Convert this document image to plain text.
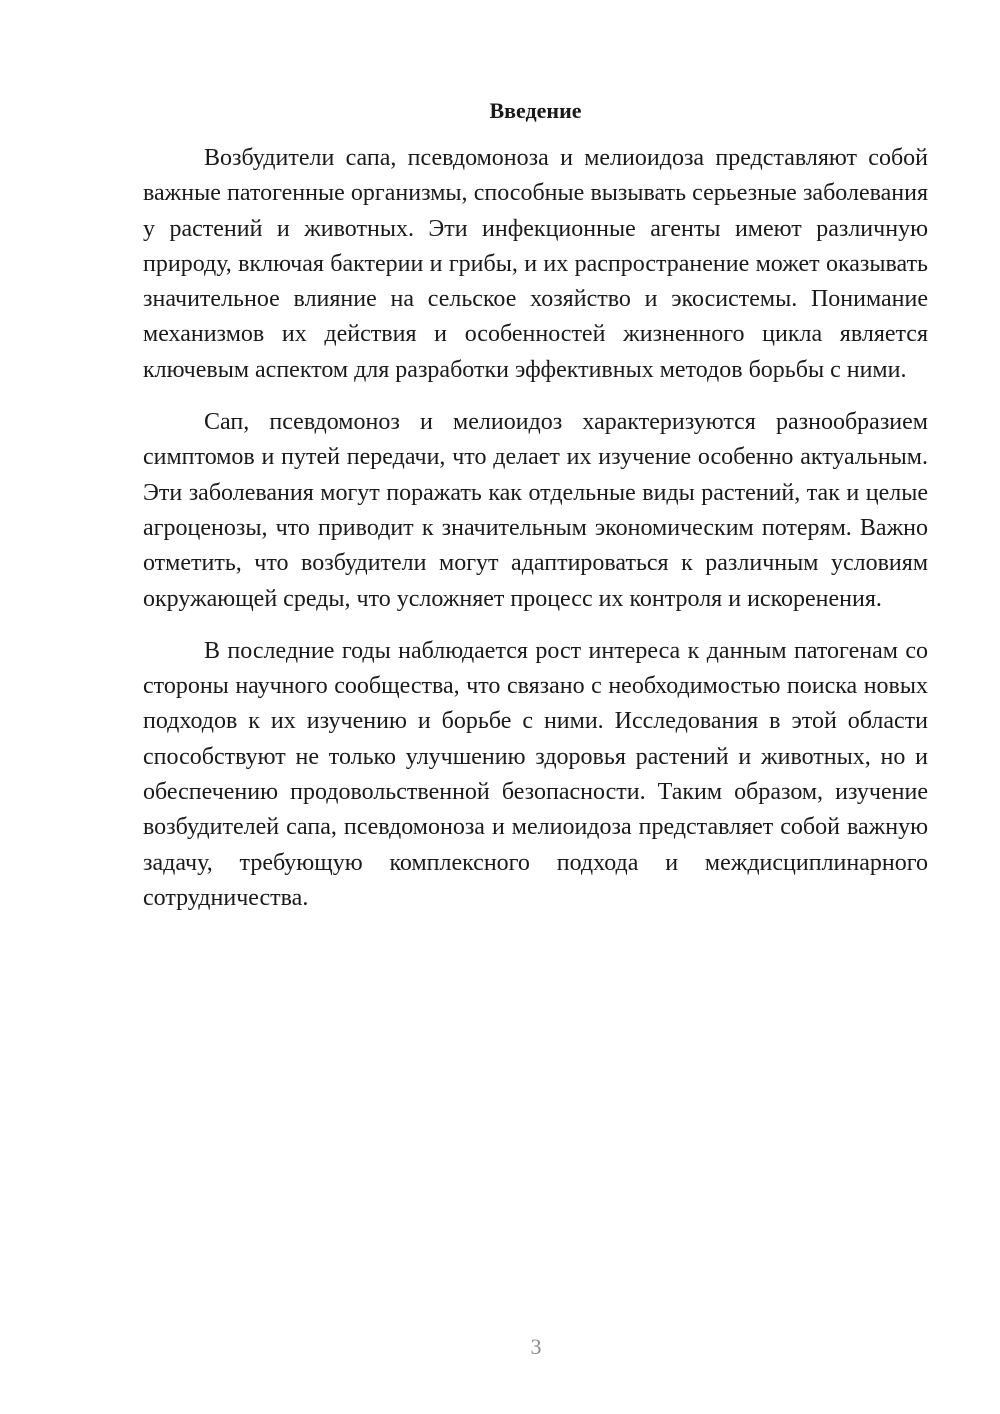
Введение

Возбудители сапа, псевдомоноза и мелиоидоза представляют собой важные патогенные организмы, способные вызывать серьезные заболевания у растений и животных. Эти инфекционные агенты имеют различную природу, включая бактерии и грибы, и их распространение может оказывать значительное влияние на сельское хозяйство и экосистемы. Понимание механизмов их действия и особенностей жизненного цикла является ключевым аспектом для разработки эффективных методов борьбы с ними.

Сап, псевдомоноз и мелиоидоз характеризуются разнообразием симптомов и путей передачи, что делает их изучение особенно актуальным. Эти заболевания могут поражать как отдельные виды растений, так и целые агроценозы, что приводит к значительным экономическим потерям. Важно отметить, что возбудители могут адаптироваться к различным условиям окружающей среды, что усложняет процесс их контроля и искоренения.

В последние годы наблюдается рост интереса к данным патогенам со стороны научного сообщества, что связано с необходимостью поиска новых подходов к их изучению и борьбе с ними. Исследования в этой области способствуют не только улучшению здоровья растений и животных, но и обеспечению продовольственной безопасности. Таким образом, изучение возбудителей сапа, псевдомоноза и мелиоидоза представляет собой важную задачу, требующую комплексного подхода и междисциплинарного сотрудничества.

3
